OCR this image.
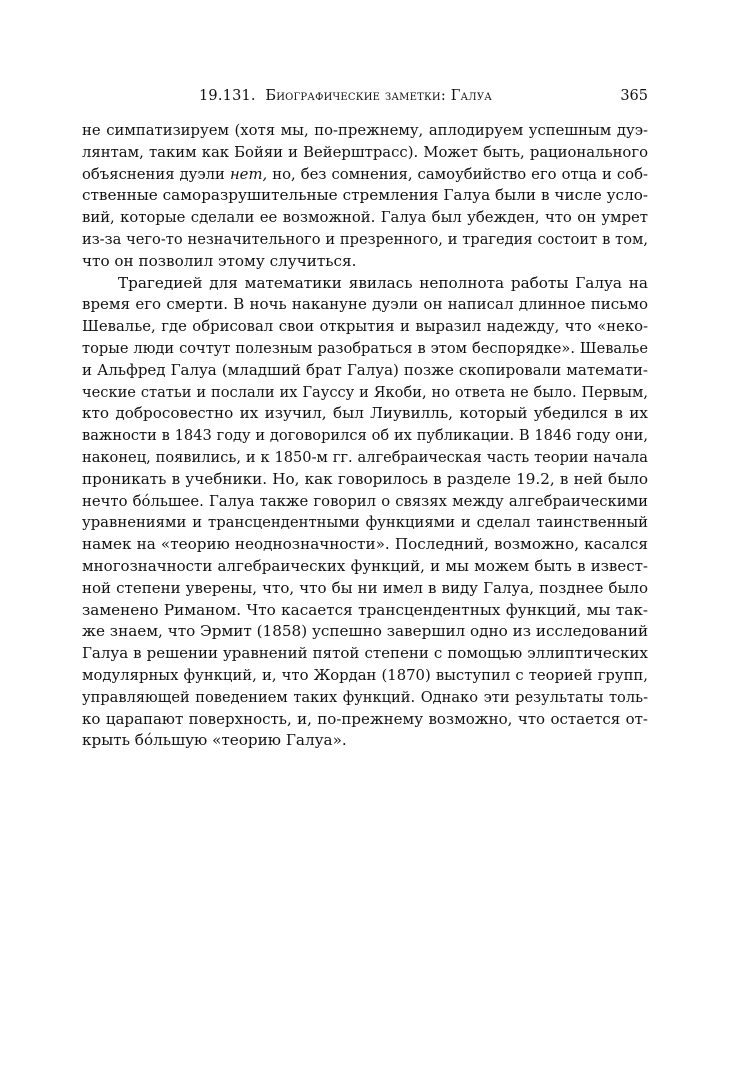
19.131. Биографические заметки: Галуа	365

не симпатизируем (хотя мы, по-прежнему, аплодируем успешным дуэ-
лянтам, таким как Бойяи и Вейерштрасс). Может быть, рационального
объяснения дуэли нет, но, без сомнения, самоубийство его отца и соб-
ственные саморазрушительные стремления Галуа были в числе усло-
вий, которые сделали ее возможной. Галуа был убежден, что он умрет
из-за чего-то незначительного и презренного, и трагедия состоит в том,
что он позволил этому случиться.

Трагедией для математики явилась неполнота работы Галуа на
время его смерти. В ночь накануне дуэли он написал длинное письмо
Шевалье, где обрисовал свои открытия и выразил надежду, что «неко-
торые люди сочтут полезным разобраться в этом беспорядке». Шевалье
и Альфред Галуа (младший брат Галуа) позже скопировали математи-
ческие статьи и послали их Гауссу и Якоби, но ответа не было. Первым,
кто добросовестно их изучил, был Лиувилль, который убедился в их
важности в 1843 году и договорился об их публикации. В 1846 году они,
наконец, появились, и к 1850-м гг. алгебраическая часть теории начала
проникать в учебники. Но, как говорилось в разделе 19.2, в ней было
нечто бóльшее. Галуа также говорил о связях между алгебраическими
уравнениями и трансцендентными функциями и сделал таинственный
намек на «теорию неоднозначности». Последний, возможно, касался
многозначности алгебраических функций, и мы можем быть в извест-
ной степени уверены, что, что бы ни имел в виду Галуа, позднее было
заменено Риманом. Что касается трансцендентных функций, мы так-
же знаем, что Эрмит (1858) успешно завершил одно из исследований
Галуа в решении уравнений пятой степени с помощью эллиптических
модулярных функций, и, что Жордан (1870) выступил с теорией групп,
управляющей поведением таких функций. Однако эти результаты толь-
ко царапают поверхность, и, по-прежнему возможно, что остается от-
крыть бóльшую «теорию Галуа».
